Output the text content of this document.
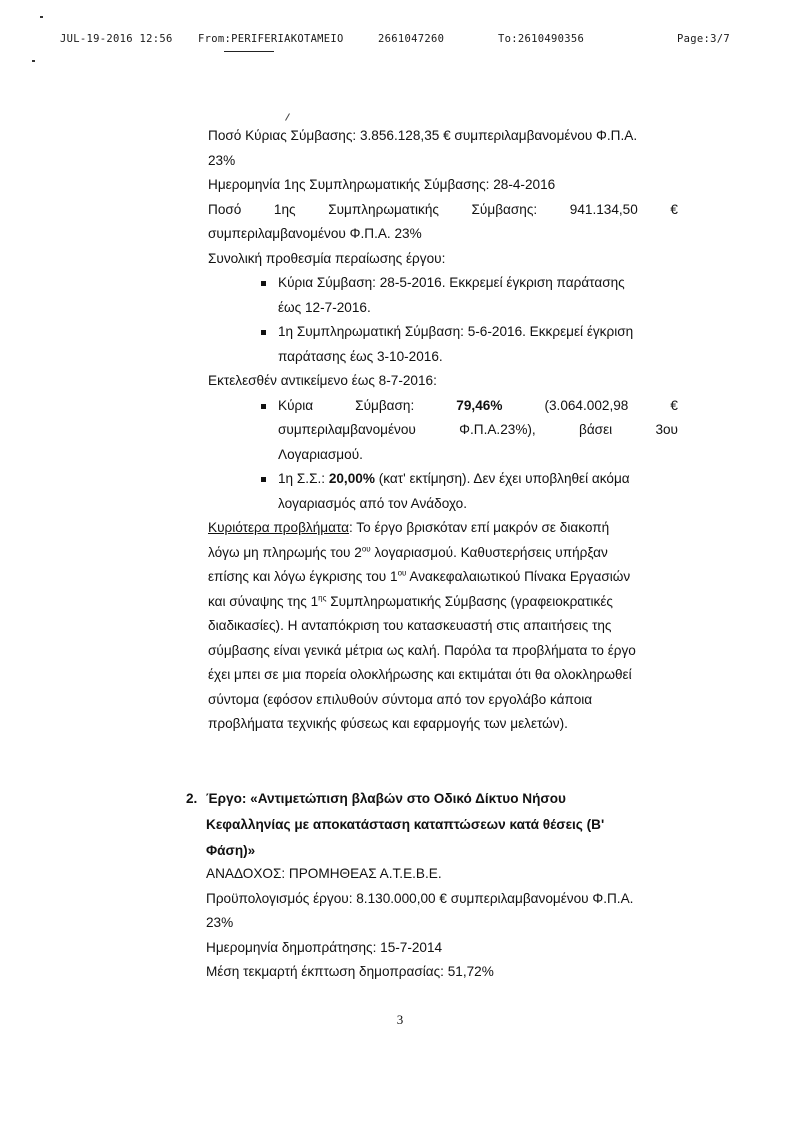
JUL-19-2016 12:56 From:PERIFERIAKOTAMEIO	2661047260	To:2610490356	Page:3/7
Ποσό Κύριας Σύμβασης: 3.856.128,35 € συμπεριλαμβανομένου Φ.Π.Α.
23%
Ημερομηνία 1ης Συμπληρωματικής Σύμβασης: 28-4-2016
Ποσό 1ης Συμπληρωματικής Σύμβασης: 941.134,50 €
συμπεριλαμβανομένου Φ.Π.Α. 23%
Συνολική προθεσμία περαίωσης έργου:
Κύρια Σύμβαση: 28-5-2016. Εκκρεμεί έγκριση παράτασης
έως 12-7-2016.
1η Συμπληρωματική Σύμβαση: 5-6-2016. Εκκρεμεί έγκριση
παράτασης έως 3-10-2016.
Εκτελεσθέν αντικείμενο έως 8-7-2016:
Κύρια	Σύμβαση:	79,46%	(3.064.002,98	€
συμπεριλαμβανομένου	Φ.Π.Α.23%),	βάσει	3ου
Λογαριασμού.
1η Σ.Σ.: 20,00% (κατ' εκτίμηση). Δεν έχει υποβληθεί ακόμα
λογαριασμός από τον Ανάδοχο.
Κυριότερα προβλήματα: Το έργο βρισκόταν επί μακρόν σε διακοπή
λόγω μη πληρωμής του $2^{o\upsilon}$ λογαριασμού. Καθυστερήσεις υπήρξαν
επίσης και λόγω έγκρισης του $1^{o\upsilon}$ Ανακεφαλαιωτικού Πίνακα Εργασιών
και σύναψης της $1^{\eta\varsigma}$ Συμπληρωματικής Σύμβασης (γραφειοκρατικές
διαδικασίες). Η ανταπόκριση του κατασκευαστή στις απαιτήσεις της
σύμβασης είναι γενικά μέτρια ως καλή. Παρόλα τα προβλήματα το έργο
έχει μπει σε μια πορεία ολοκλήρωσης και εκτιμάται ότι θα ολοκληρωθεί
σύντομα (εφόσον επιλυθούν σύντομα από τον εργολάβο κάποια
προβλήματα τεχνικής φύσεως και εφαρμογής των μελετών).
2. Έργο: «Αντιμετώπιση βλαβών στο Οδικό Δίκτυο Νήσου
Κεφαλληνίας με αποκατάσταση καταπτώσεων κατά θέσεις (Β'
Φάση)»
ΑΝΑΔΟΧΟΣ: ΠΡΟΜΗΘΕΑΣ Α.Τ.Ε.Β.Ε.
Προϋπολογισμός έργου: 8.130.000,00 € συμπεριλαμβανομένου Φ.Π.Α.
23%
Ημερομηνία δημοπράτησης: 15-7-2014
Μέση τεκμαρτή έκπτωση δημοπρασίας: 51,72%
3
